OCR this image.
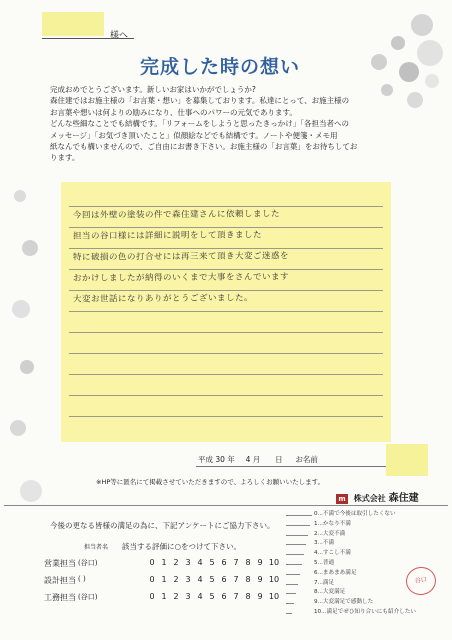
様へ
完成した時の想い
完成おめでとうございます。新しいお家はいかがでしょうか?
森住建ではお施主様の「お言葉・想い」を募集しております。私達にとって、お施主様の
お言葉や想いは何よりの励みになり、仕事へのパワーの元気であります。
どんな些細なことでも結構です。「リフォームをしようと思ったきっかけ」「各担当者への
メッセージ」「お気づき頂いたこと」似顔絵などでも結構です。ノートや便箋・メモ用
紙なんでも構いませんので、ご自由にお書き下さい。お施主様の「お言葉」をお待ちしてお
ります。
今回は外壁の塗装の件で森住建さんに依頼しました
担当の谷口様には詳細に説明をして頂きました
特に破損の色の打合せには再三来て頂き大変ご迷惑を
おかけしましたが納得のいくまで大事をさんでいます
大変お世話になりありがとうございました。
平成 30 年 4 月 日 お名前
※HP等に匿名にて掲載させていただきますので、よろしくお願いいたします。
m 株式会社 森住建
今後の更なる皆様の満足の為に、下記アンケートにご協力下さい。
担当者名 該当する評価に○をつけて下さい。
営業担当 (谷口)	0 1 2 3 4 5 6 7 8 9 10
設計担当 ( )	0 1 2 3 4 5 6 7 8 9 10
工務担当 (谷口)	0 1 2 3 4 5 6 7 8 9 10
0...不満で今後は取引したくない
1...かなり不満
2...大変不満
3...不満
4...すこし不満
5...普通
6...まあまあ満足
7...満足
8...大変満足
9...大変満足で感動した
10...満足でぜひ知り合いにも紹介したい
谷口
